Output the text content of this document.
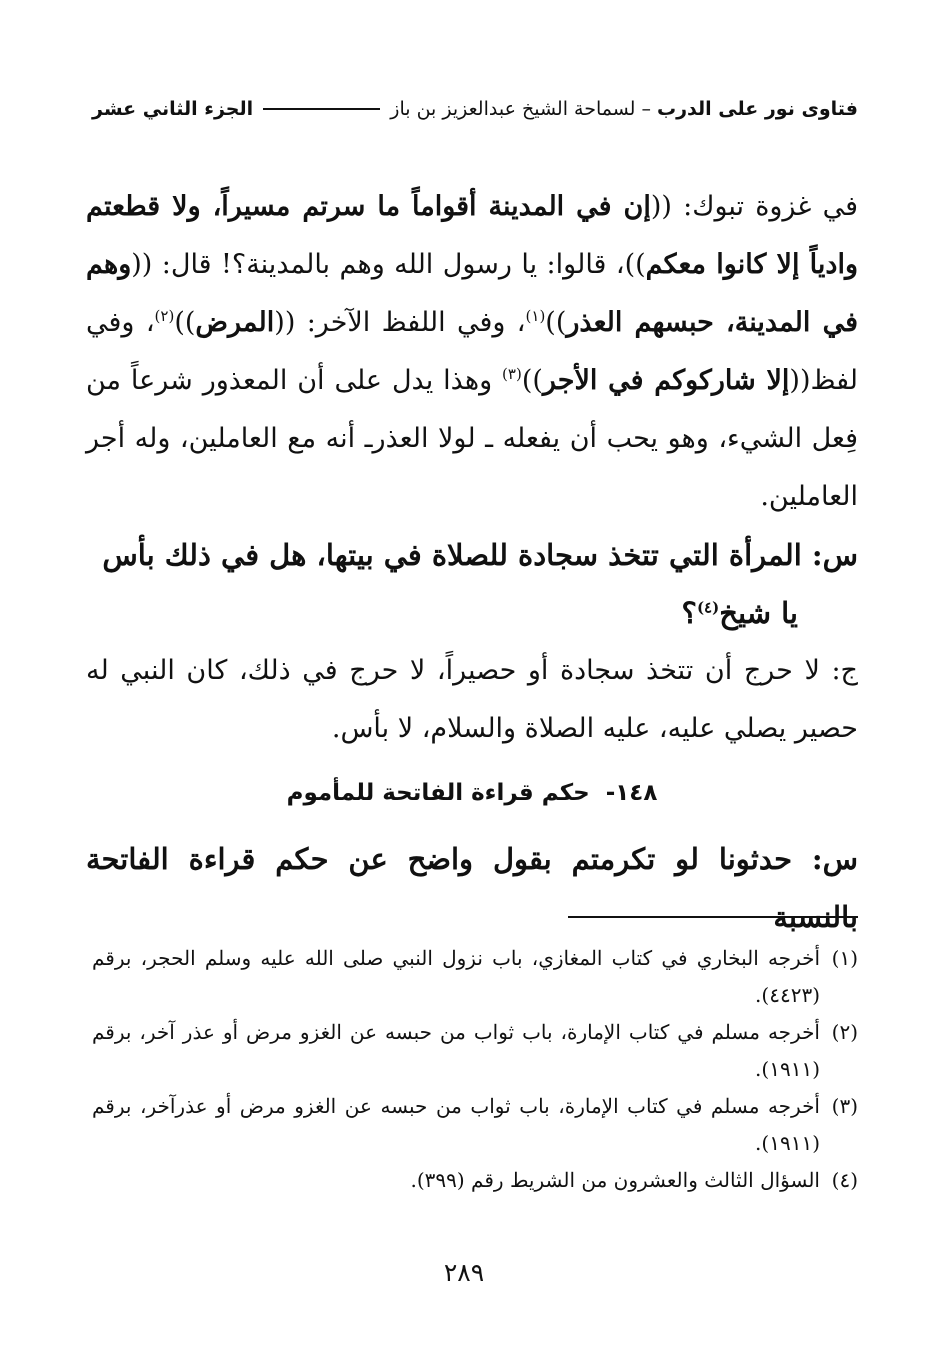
فتاوى نور على الدرب
– لسماحة الشيخ عبدالعزيز بن باز
الجزء الثاني عشر

في غزوة تبوك: ((إن في المدينة أقواماً ما سرتم مسيراً، ولا قطعتم وادياً إلا كانوا معكم))، قالوا: يا رسول الله وهم بالمدينة؟! قال: ((وهم في المدينة، حبسهم العذر))$^{(١)}$، وفي اللفظ الآخر: ((المرض))$^{(٢)}$، وفي لفظ((إلا شاركوكم في الأجر))$^{(٣)}$ وهذا يدل على أن المعذور شرعاً من فِعل الشيء، وهو يحب أن يفعله ـ لولا العذرـ أنه مع العاملين، وله أجر العاملين.

س: المرأة التي تتخذ سجادة للصلاة في بيتها، هل في ذلك بأس

يا شيخ$^{(٤)}$؟

ج: لا حرج أن تتخذ سجادة أو حصيراً، لا حرج في ذلك، كان النبي له حصير يصلي عليه، عليه الصلاة والسلام، لا بأس.

١٤٨-حكم قراءة الفاتحة للمأموم

س: حدثونا لو تكرمتم بقول واضح عن حكم قراءة الفاتحة بالنسبة

(١)
أخرجه البخاري في كتاب المغازي، باب نزول النبي صلى الله عليه وسلم الحجر، برقم (٤٤٢٣).

(٢)
أخرجه مسلم في كتاب الإمارة، باب ثواب من حبسه عن الغزو مرض أو عذر آخر، برقم (١٩١١).

(٣)
أخرجه مسلم في كتاب الإمارة، باب ثواب من حبسه عن الغزو مرض أو عذرآخر، برقم (١٩١١).

(٤)
السؤال الثالث والعشرون من الشريط رقم (٣٩٩).

٢٨٩
